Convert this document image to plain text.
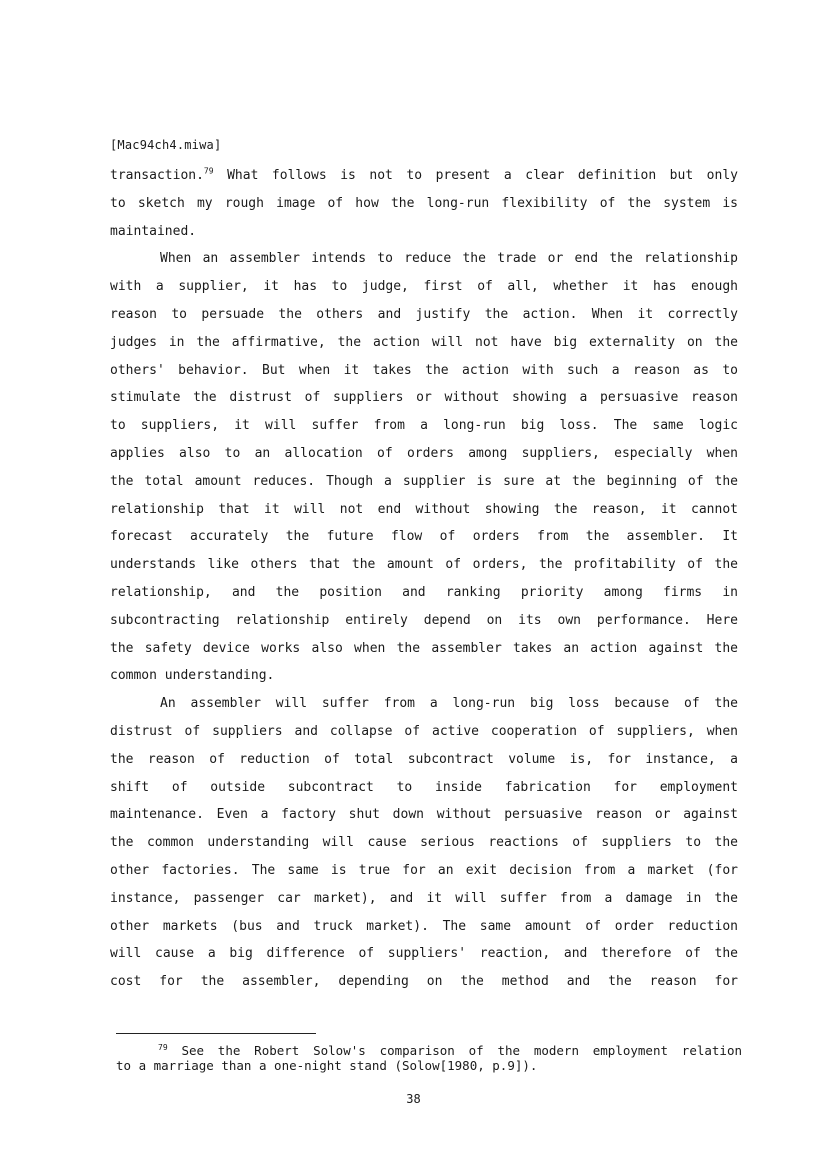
[Mac94ch4.miwa]
transaction.$^{79}$ What follows is not to present a clear definition but only
to sketch my rough image of how the long-run flexibility of the system is
maintained.
When an assembler intends to reduce the trade or end the relationship
with a supplier, it has to judge, first of all, whether it has enough
reason to persuade the others and justify the action. When it correctly
judges in the affirmative, the action will not have big externality on the
others' behavior. But when it takes the action with such a reason as to
stimulate the distrust of suppliers or without showing a persuasive reason
to suppliers, it will suffer from a long-run big loss. The same logic
applies also to an allocation of orders among suppliers, especially when
the total amount reduces. Though a supplier is sure at the beginning of the
relationship that it will not end without showing the reason, it cannot
forecast accurately the future flow of orders from the assembler. It
understands like others that the amount of orders, the profitability of the
relationship, and the position and ranking priority among firms in
subcontracting relationship entirely depend on its own performance. Here
the safety device works also when the assembler takes an action against the
common understanding.
An assembler will suffer from a long-run big loss because of the
distrust of suppliers and collapse of active cooperation of suppliers, when
the reason of reduction of total subcontract volume is, for instance, a
shift of outside subcontract to inside fabrication for employment
maintenance. Even a factory shut down without persuasive reason or against
the common understanding will cause serious reactions of suppliers to the
other factories. The same is true for an exit decision from a market (for
instance, passenger car market), and it will suffer from a damage in the
other markets (bus and truck market). The same amount of order reduction
will cause a big difference of suppliers' reaction, and therefore of the
cost for the assembler, depending on the method and the reason for
$^{79}$ See the Robert Solow's comparison of the modern employment relation
to a marriage than a one-night stand (Solow[1980, p.9]).
38
